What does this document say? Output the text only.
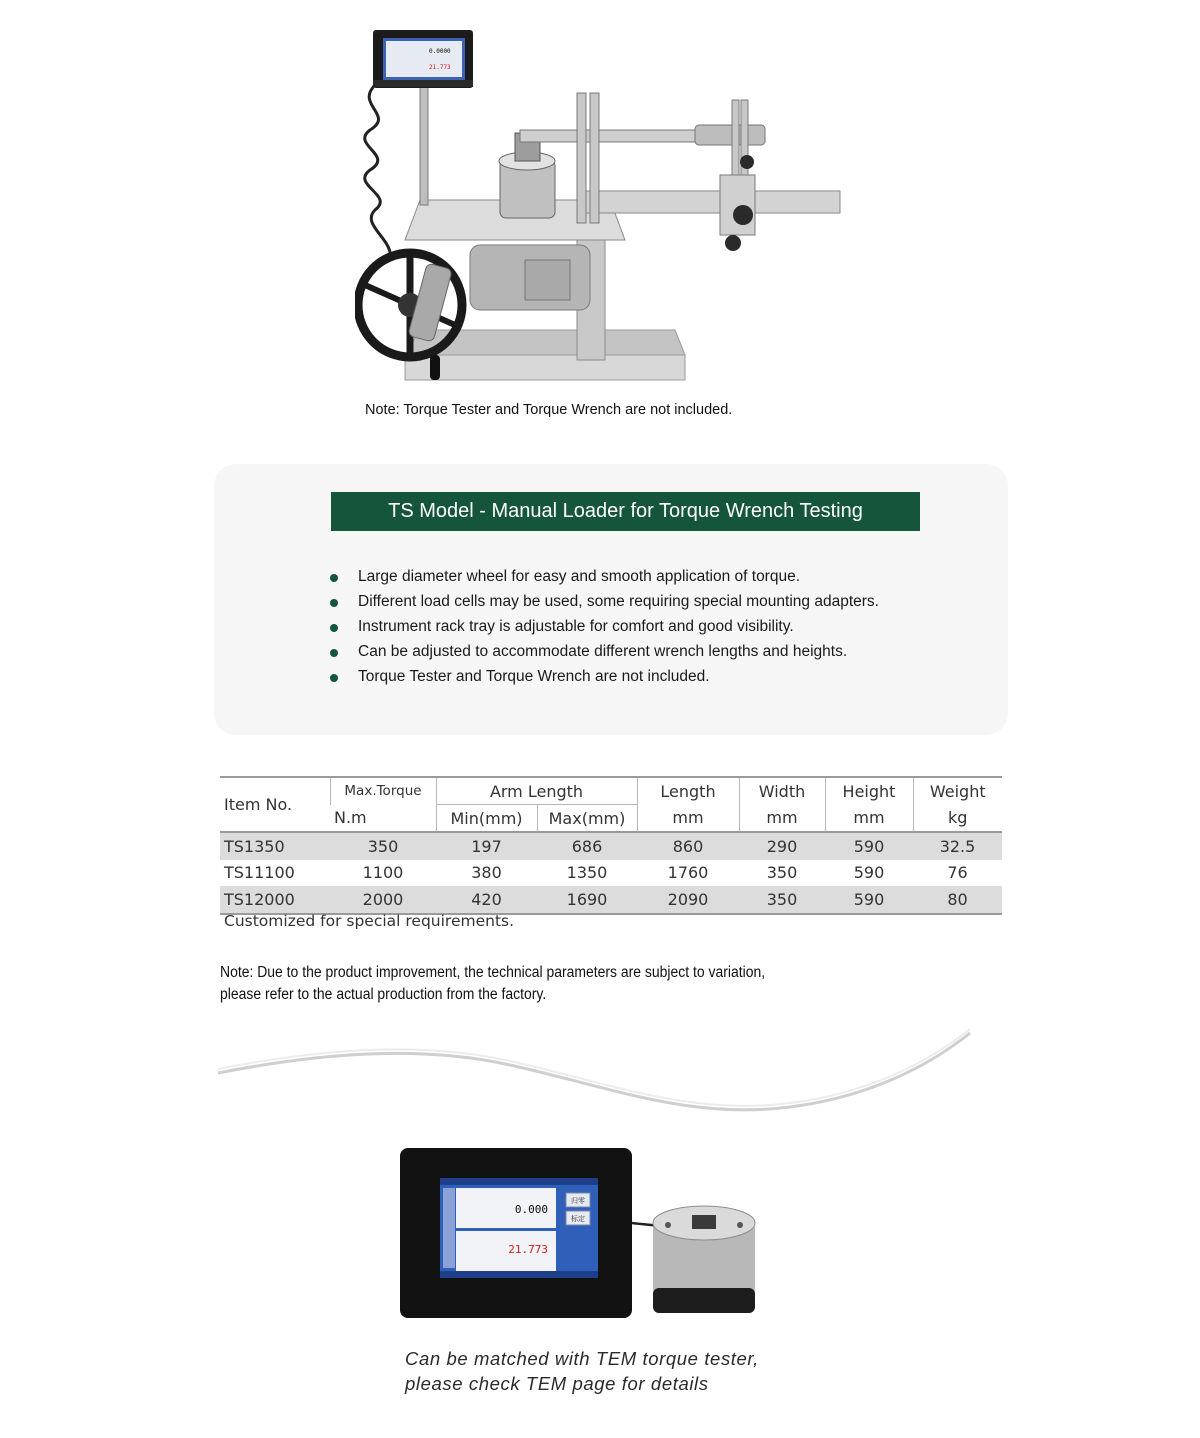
0.0000
21.773
Note: Torque Tester and Torque Wrench are not included.
TS Model - Manual Loader for Torque Wrench Testing
Large diameter wheel for easy and smooth application of torque.
Different load cells may be used, some requiring special mounting adapters.
Instrument rack tray is adjustable for comfort and good visibility.
Can be adjusted to accommodate different wrench lengths and heights.
Torque Tester and Torque Wrench are not included.
Item No.	Max.Torque	Arm Length		Length	Width	Height	Weight
	N.m	Min(mm)	Max(mm)	mm	mm	mm	kg
TS1350	350	197	686	860	290	590	32.5
TS11100	1100	380	1350	1760	350	590	76
TS12000	2000	420	1690	2090	350	590	80
Customized for special requirements.
Note: Due to the product improvement, the technical parameters are subject to variation,
please refer to the actual production from the factory.
0.000
21.773
归零
标定
Can be matched with TEM torque tester,
please check TEM page for details
